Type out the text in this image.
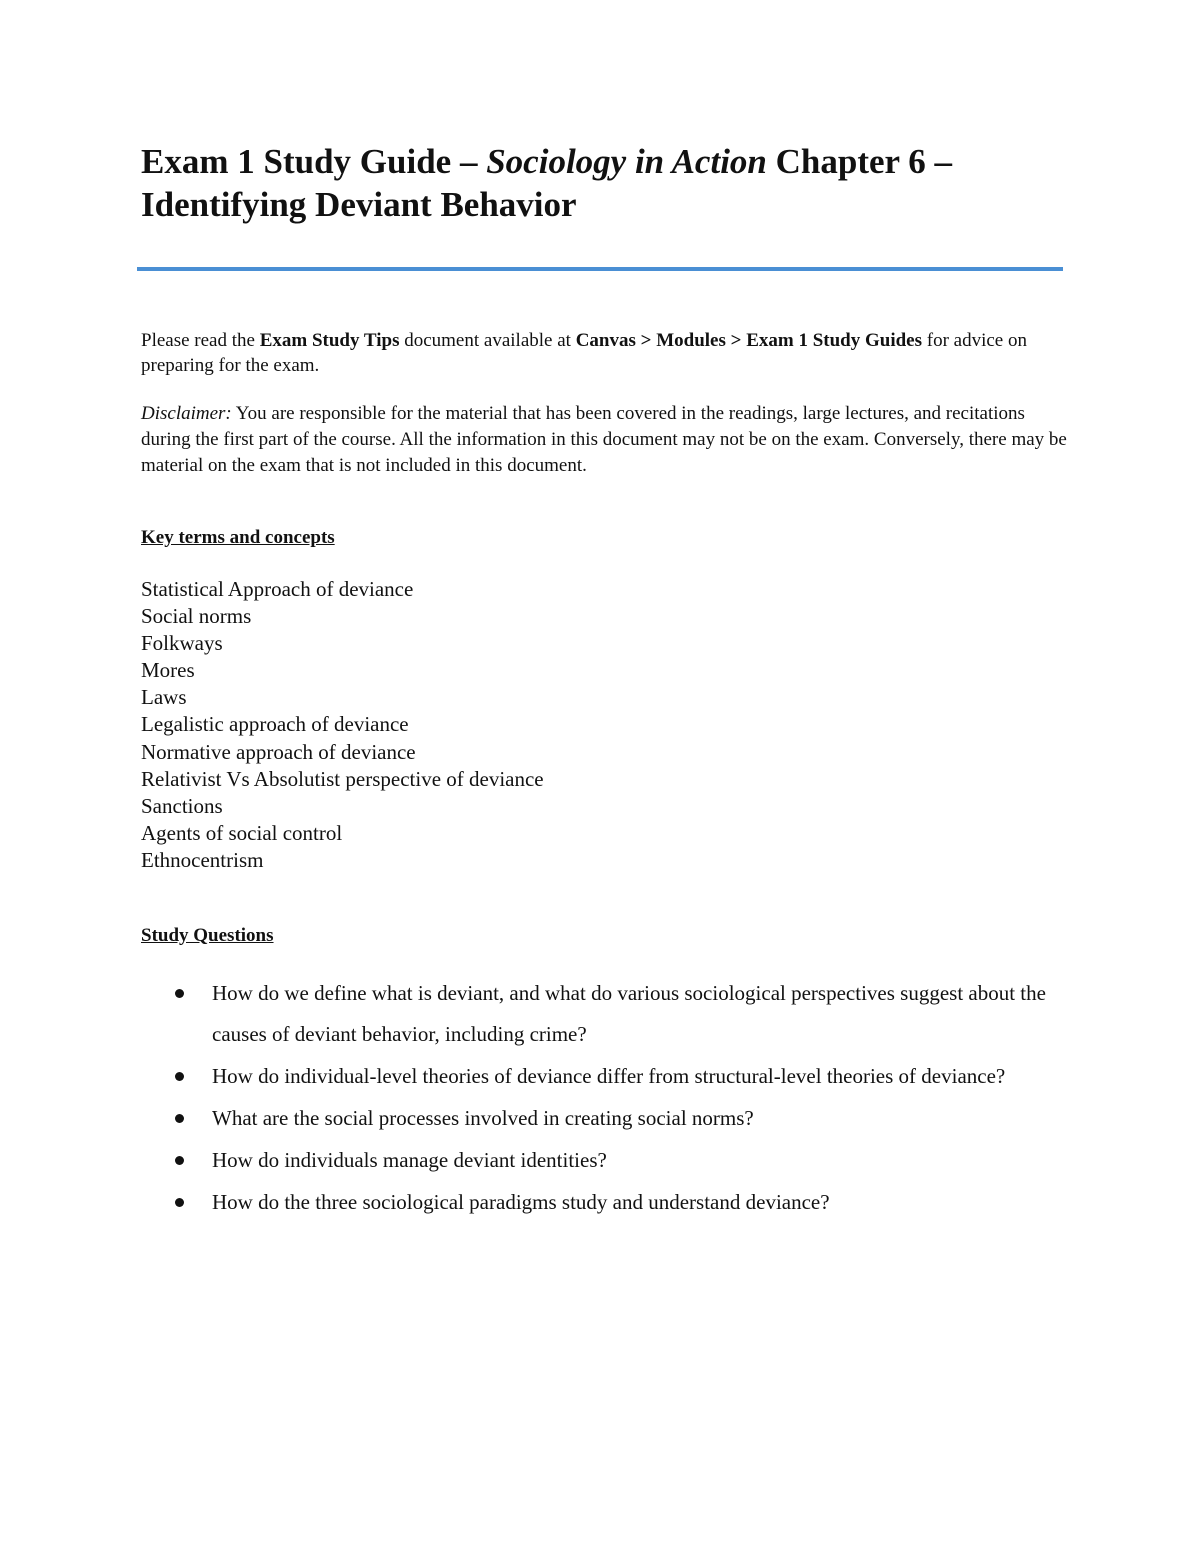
Exam 1 Study Guide – Sociology in Action Chapter 6 – Identifying Deviant Behavior

Please read the Exam Study Tips document available at Canvas > Modules > Exam 1 Study Guides for advice on preparing for the exam.

Disclaimer: You are responsible for the material that has been covered in the readings, large lectures, and recitations during the first part of the course. All the information in this document may not be on the exam. Conversely, there may be material on the exam that is not included in this document.

Key terms and concepts
Statistical Approach of deviance
Social norms
Folkways
Mores
Laws
Legalistic approach of deviance
Normative approach of deviance
Relativist Vs Absolutist perspective of deviance
Sanctions
Agents of social control
Ethnocentrism
Study Questions
How do we define what is deviant, and what do various sociological perspectives suggest about the causes of deviant behavior, including crime?
How do individual-level theories of deviance differ from structural-level theories of deviance?
What are the social processes involved in creating social norms?
How do individuals manage deviant identities?
How do the three sociological paradigms study and understand deviance?
